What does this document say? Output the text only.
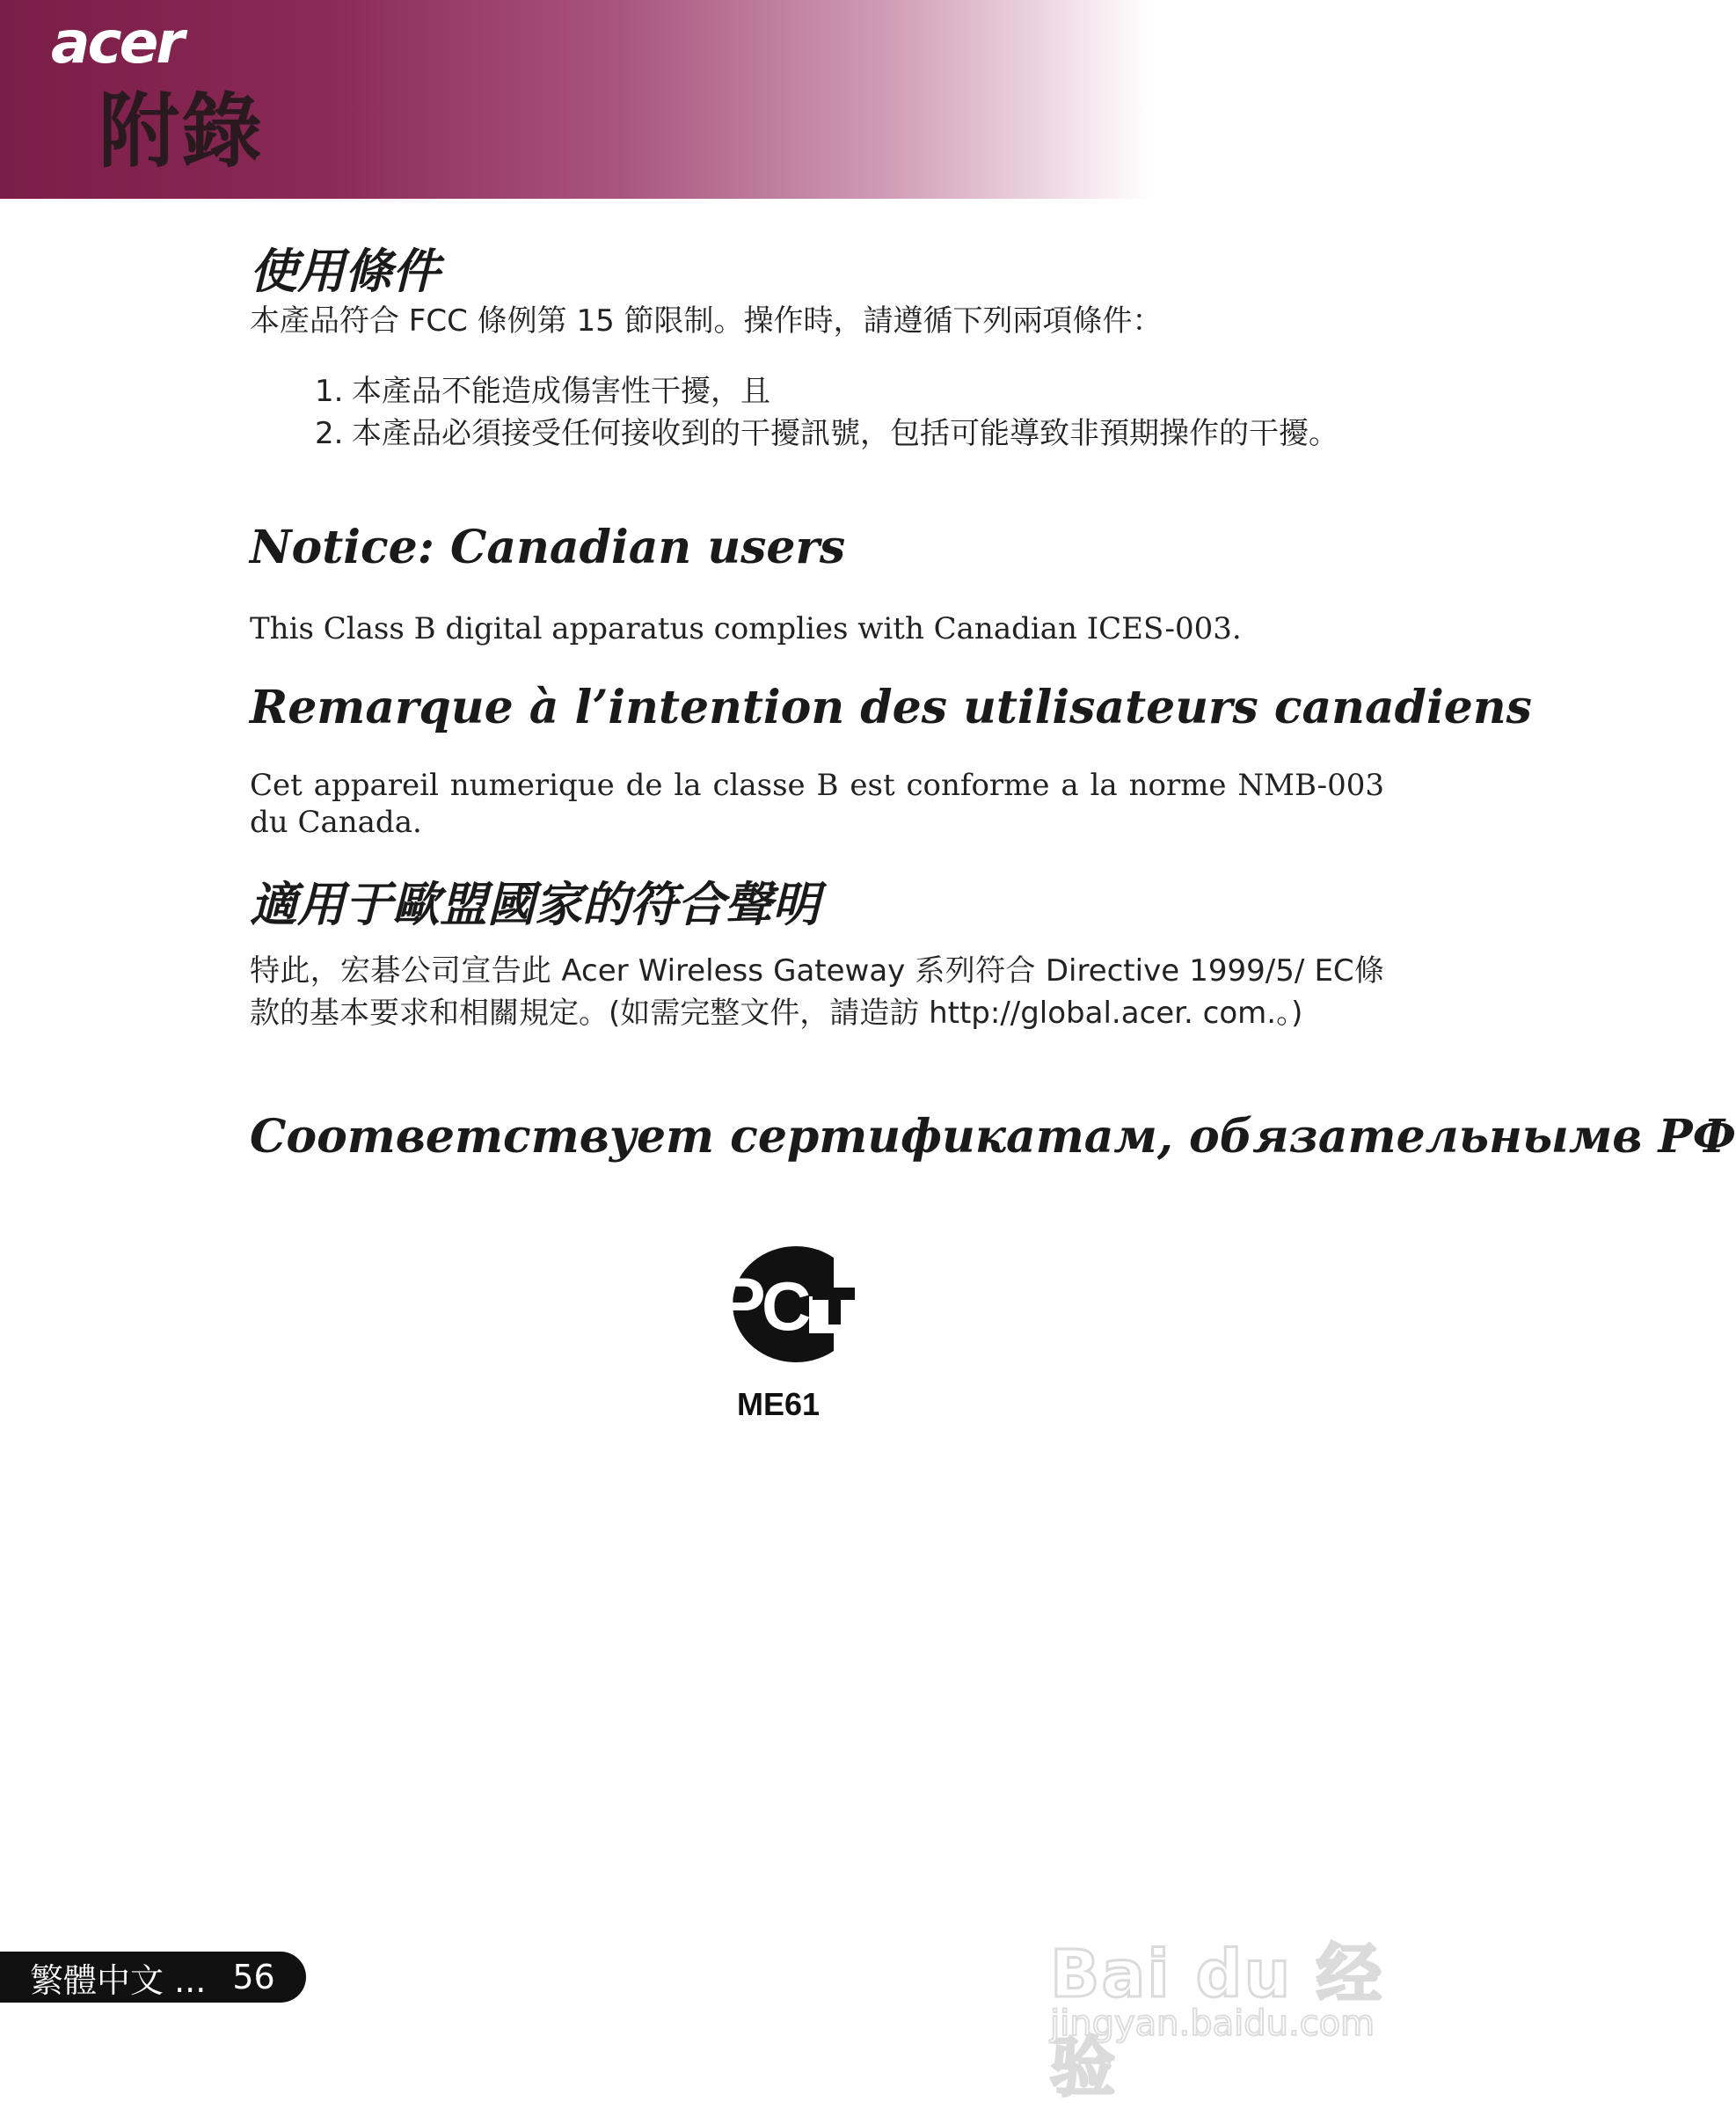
acer
附錄
使用條件

本產品符合 FCC 條例第 15 節限制。操作時，請遵循下列兩項條件：

1. 本產品不能造成傷害性干擾，且
2. 本產品必須接受任何接收到的干擾訊號，包括可能導致非預期操作的干擾。
Notice: Canadian users

This Class B digital apparatus complies with Canadian ICES-003.

Remarque à l’intention des utilisateurs canadiens

Cet appareil numerique de la classe B est conforme a la norme NMB-003 du Canada.

適用于歐盟國家的符合聲明

特此，宏碁公司宣告此 Acer Wireless Gateway 系列符合 Directive 1999/5/ EC條款的基本要求和相關規定。(如需完整文件，請造訪 http://global.acer. com.。)

Соответствует сертификатам, обязательнымв РФ
P
C
ME61
繁體中文 ... 56	Bai du 经验
jingyan.baidu.com
